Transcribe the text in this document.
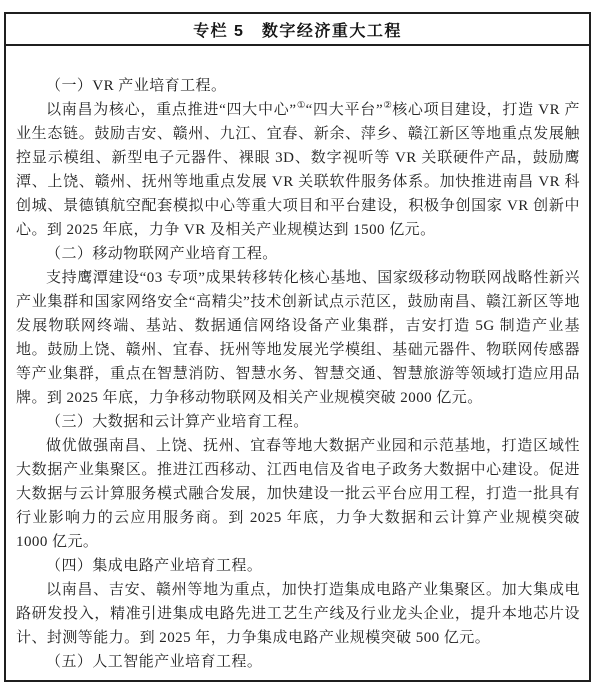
专栏 5　数字经济重大工程

（一）VR 产业培育工程。

以南昌为核心，重点推进“四大中心”①“四大平台”②核心项目建设，打造 VR 产业生态链。鼓励吉安、赣州、九江、宜春、新余、萍乡、赣江新区等地重点发展触控显示模组、新型电子元器件、裸眼 3D、数字视听等 VR 关联硬件产品，鼓励鹰潭、上饶、赣州、抚州等地重点发展 VR 关联软件服务体系。加快推进南昌 VR 科创城、景德镇航空配套模拟中心等重大项目和平台建设，积极争创国家 VR 创新中心。到 2025 年底，力争 VR 及相关产业规模达到 1500 亿元。

（二）移动物联网产业培育工程。

支持鹰潭建设“03 专项”成果转移转化核心基地、国家级移动物联网战略性新兴产业集群和国家网络安全“高精尖”技术创新试点示范区，鼓励南昌、赣江新区等地发展物联网终端、基站、数据通信网络设备产业集群，吉安打造 5G 制造产业基地。鼓励上饶、赣州、宜春、抚州等地发展光学模组、基础元器件、物联网传感器等产业集群，重点在智慧消防、智慧水务、智慧交通、智慧旅游等领域打造应用品牌。到 2025 年底，力争移动物联网及相关产业规模突破 2000 亿元。

（三）大数据和云计算产业培育工程。

做优做强南昌、上饶、抚州、宜春等地大数据产业园和示范基地，打造区域性大数据产业集聚区。推进江西移动、江西电信及省电子政务大数据中心建设。促进大数据与云计算服务模式融合发展，加快建设一批云平台应用工程，打造一批具有行业影响力的云应用服务商。到 2025 年底，力争大数据和云计算产业规模突破 1000 亿元。

（四）集成电路产业培育工程。

以南昌、吉安、赣州等地为重点，加快打造集成电路产业集聚区。加大集成电路研发投入，精准引进集成电路先进工艺生产线及行业龙头企业，提升本地芯片设计、封测等能力。到 2025 年，力争集成电路产业规模突破 500 亿元。

（五）人工智能产业培育工程。
